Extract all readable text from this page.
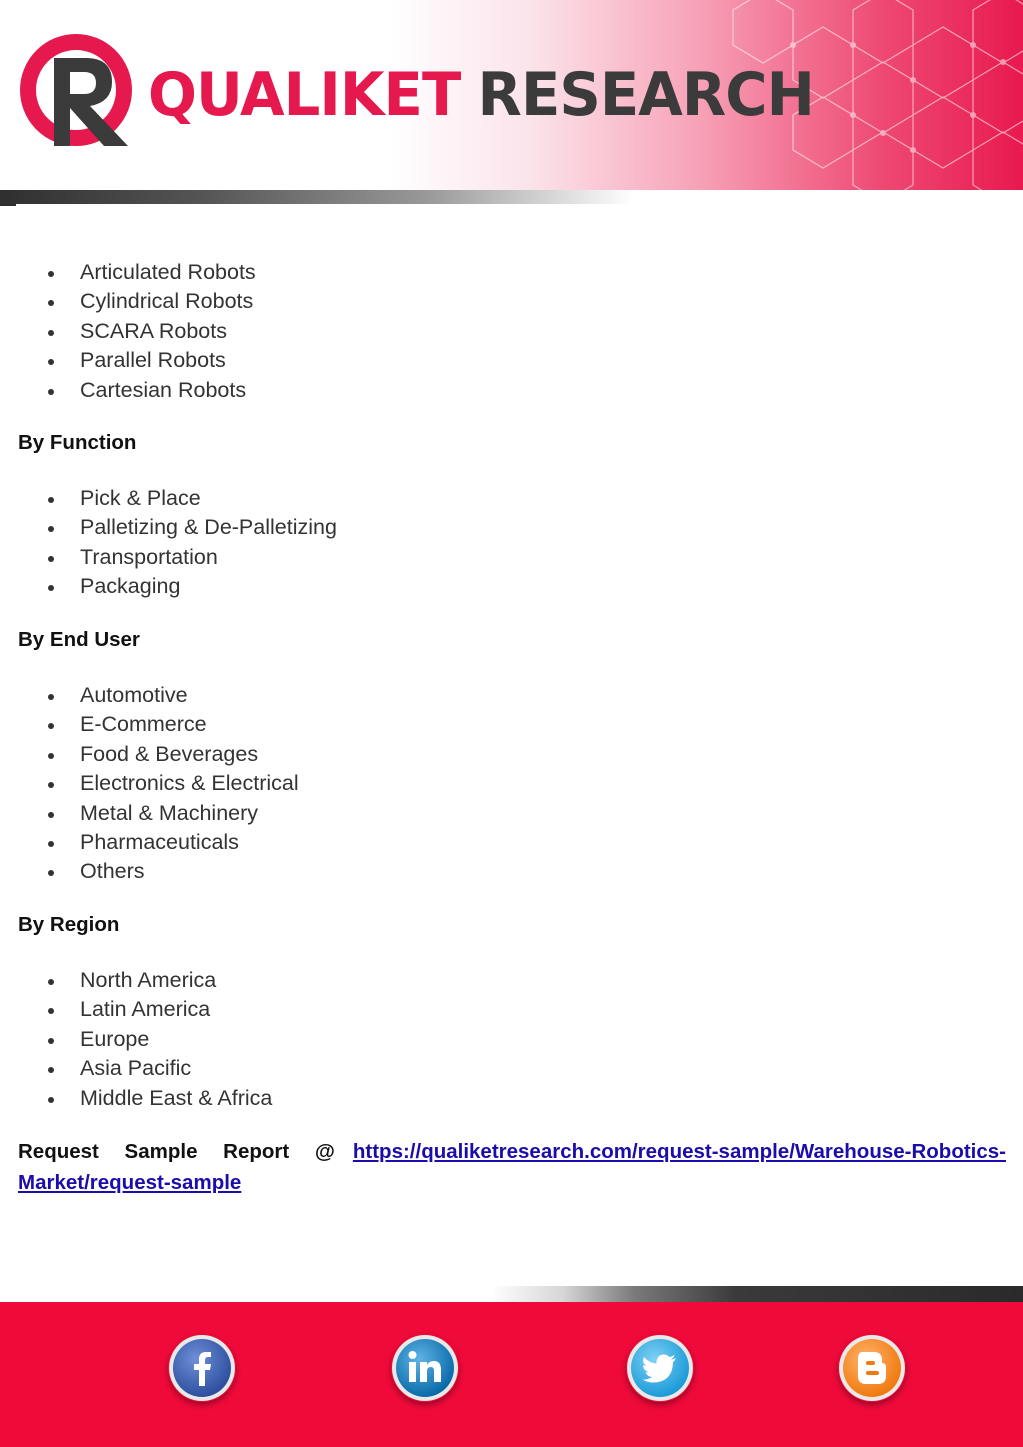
QUALIKET RESEARCH
Articulated Robots
Cylindrical Robots
SCARA Robots
Parallel Robots
Cartesian Robots
By Function
Pick & Place
Palletizing & De-Palletizing
Transportation
Packaging
By End User
Automotive
E-Commerce
Food & Beverages
Electronics & Electrical
Metal & Machinery
Pharmaceuticals
Others
By Region
North America
Latin America
Europe
Asia Pacific
Middle East & Africa
Request Sample Report @ https://qualiketresearch.com/request-sample/Warehouse-Robotics-Market/request-sample
